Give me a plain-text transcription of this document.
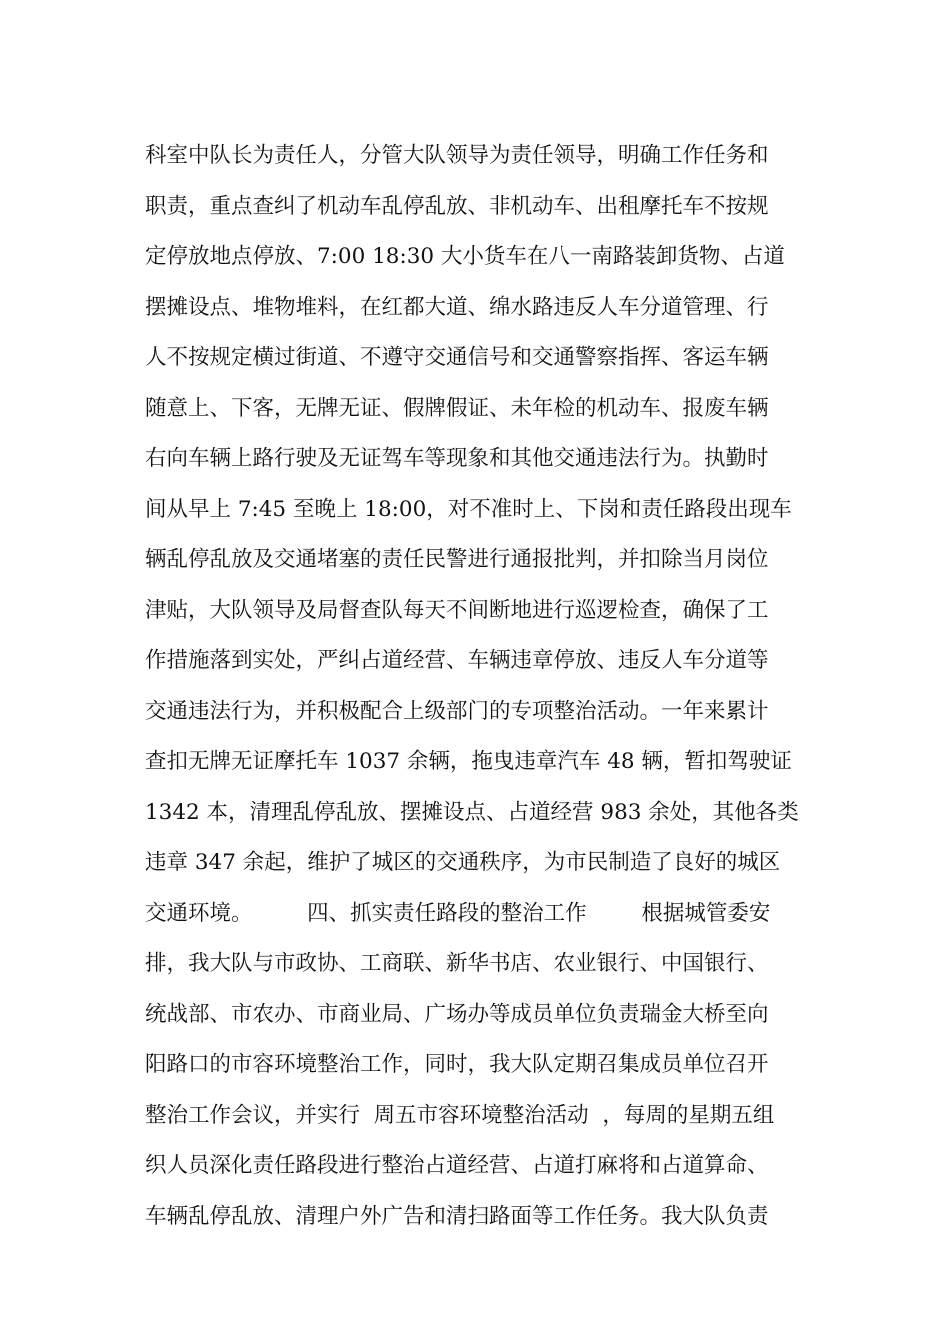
科室中队长为责任人，分管大队领导为责任领导，明确工作任务和
职责，重点查纠了机动车乱停乱放、非机动车、出租摩托车不按规
定停放地点停放、7:00 18:30 大小货车在八一南路装卸货物、占道
摆摊设点、堆物堆料，在红都大道、绵水路违反人车分道管理、行
人不按规定横过街道、不遵守交通信号和交通警察指挥、客运车辆
随意上、下客，无牌无证、假牌假证、未年检的机动车、报废车辆
右向车辆上路行驶及无证驾车等现象和其他交通违法行为。执勤时
间从早上 7:45 至晚上 18:00，对不准时上、下岗和责任路段出现车
辆乱停乱放及交通堵塞的责任民警进行通报批判，并扣除当月岗位
津贴，大队领导及局督查队每天不间断地进行巡逻检查，确保了工
作措施落到实处，严纠占道经营、车辆违章停放、违反人车分道等
交通违法行为，并积极配合上级部门的专项整治活动。一年来累计
查扣无牌无证摩托车 1037 余辆，拖曳违章汽车 48 辆，暂扣驾驶证
1342 本，清理乱停乱放、摆摊设点、占道经营 983 余处，其他各类
违章 347 余起，维护了城区的交通秩序，为市民制造了良好的城区
交通环境。        四、抓实责任路段的整治工作        根据城管委安
排，我大队与市政协、工商联、新华书店、农业银行、中国银行、
统战部、市农办、市商业局、广场办等成员单位负责瑞金大桥至向
阳路口的市容环境整治工作，同时，我大队定期召集成员单位召开
整治工作会议，并实行  周五市容环境整治活动  ，每周的星期五组
织人员深化责任路段进行整治占道经营、占道打麻将和占道算命、
车辆乱停乱放、清理户外广告和清扫路面等工作任务。我大队负责
